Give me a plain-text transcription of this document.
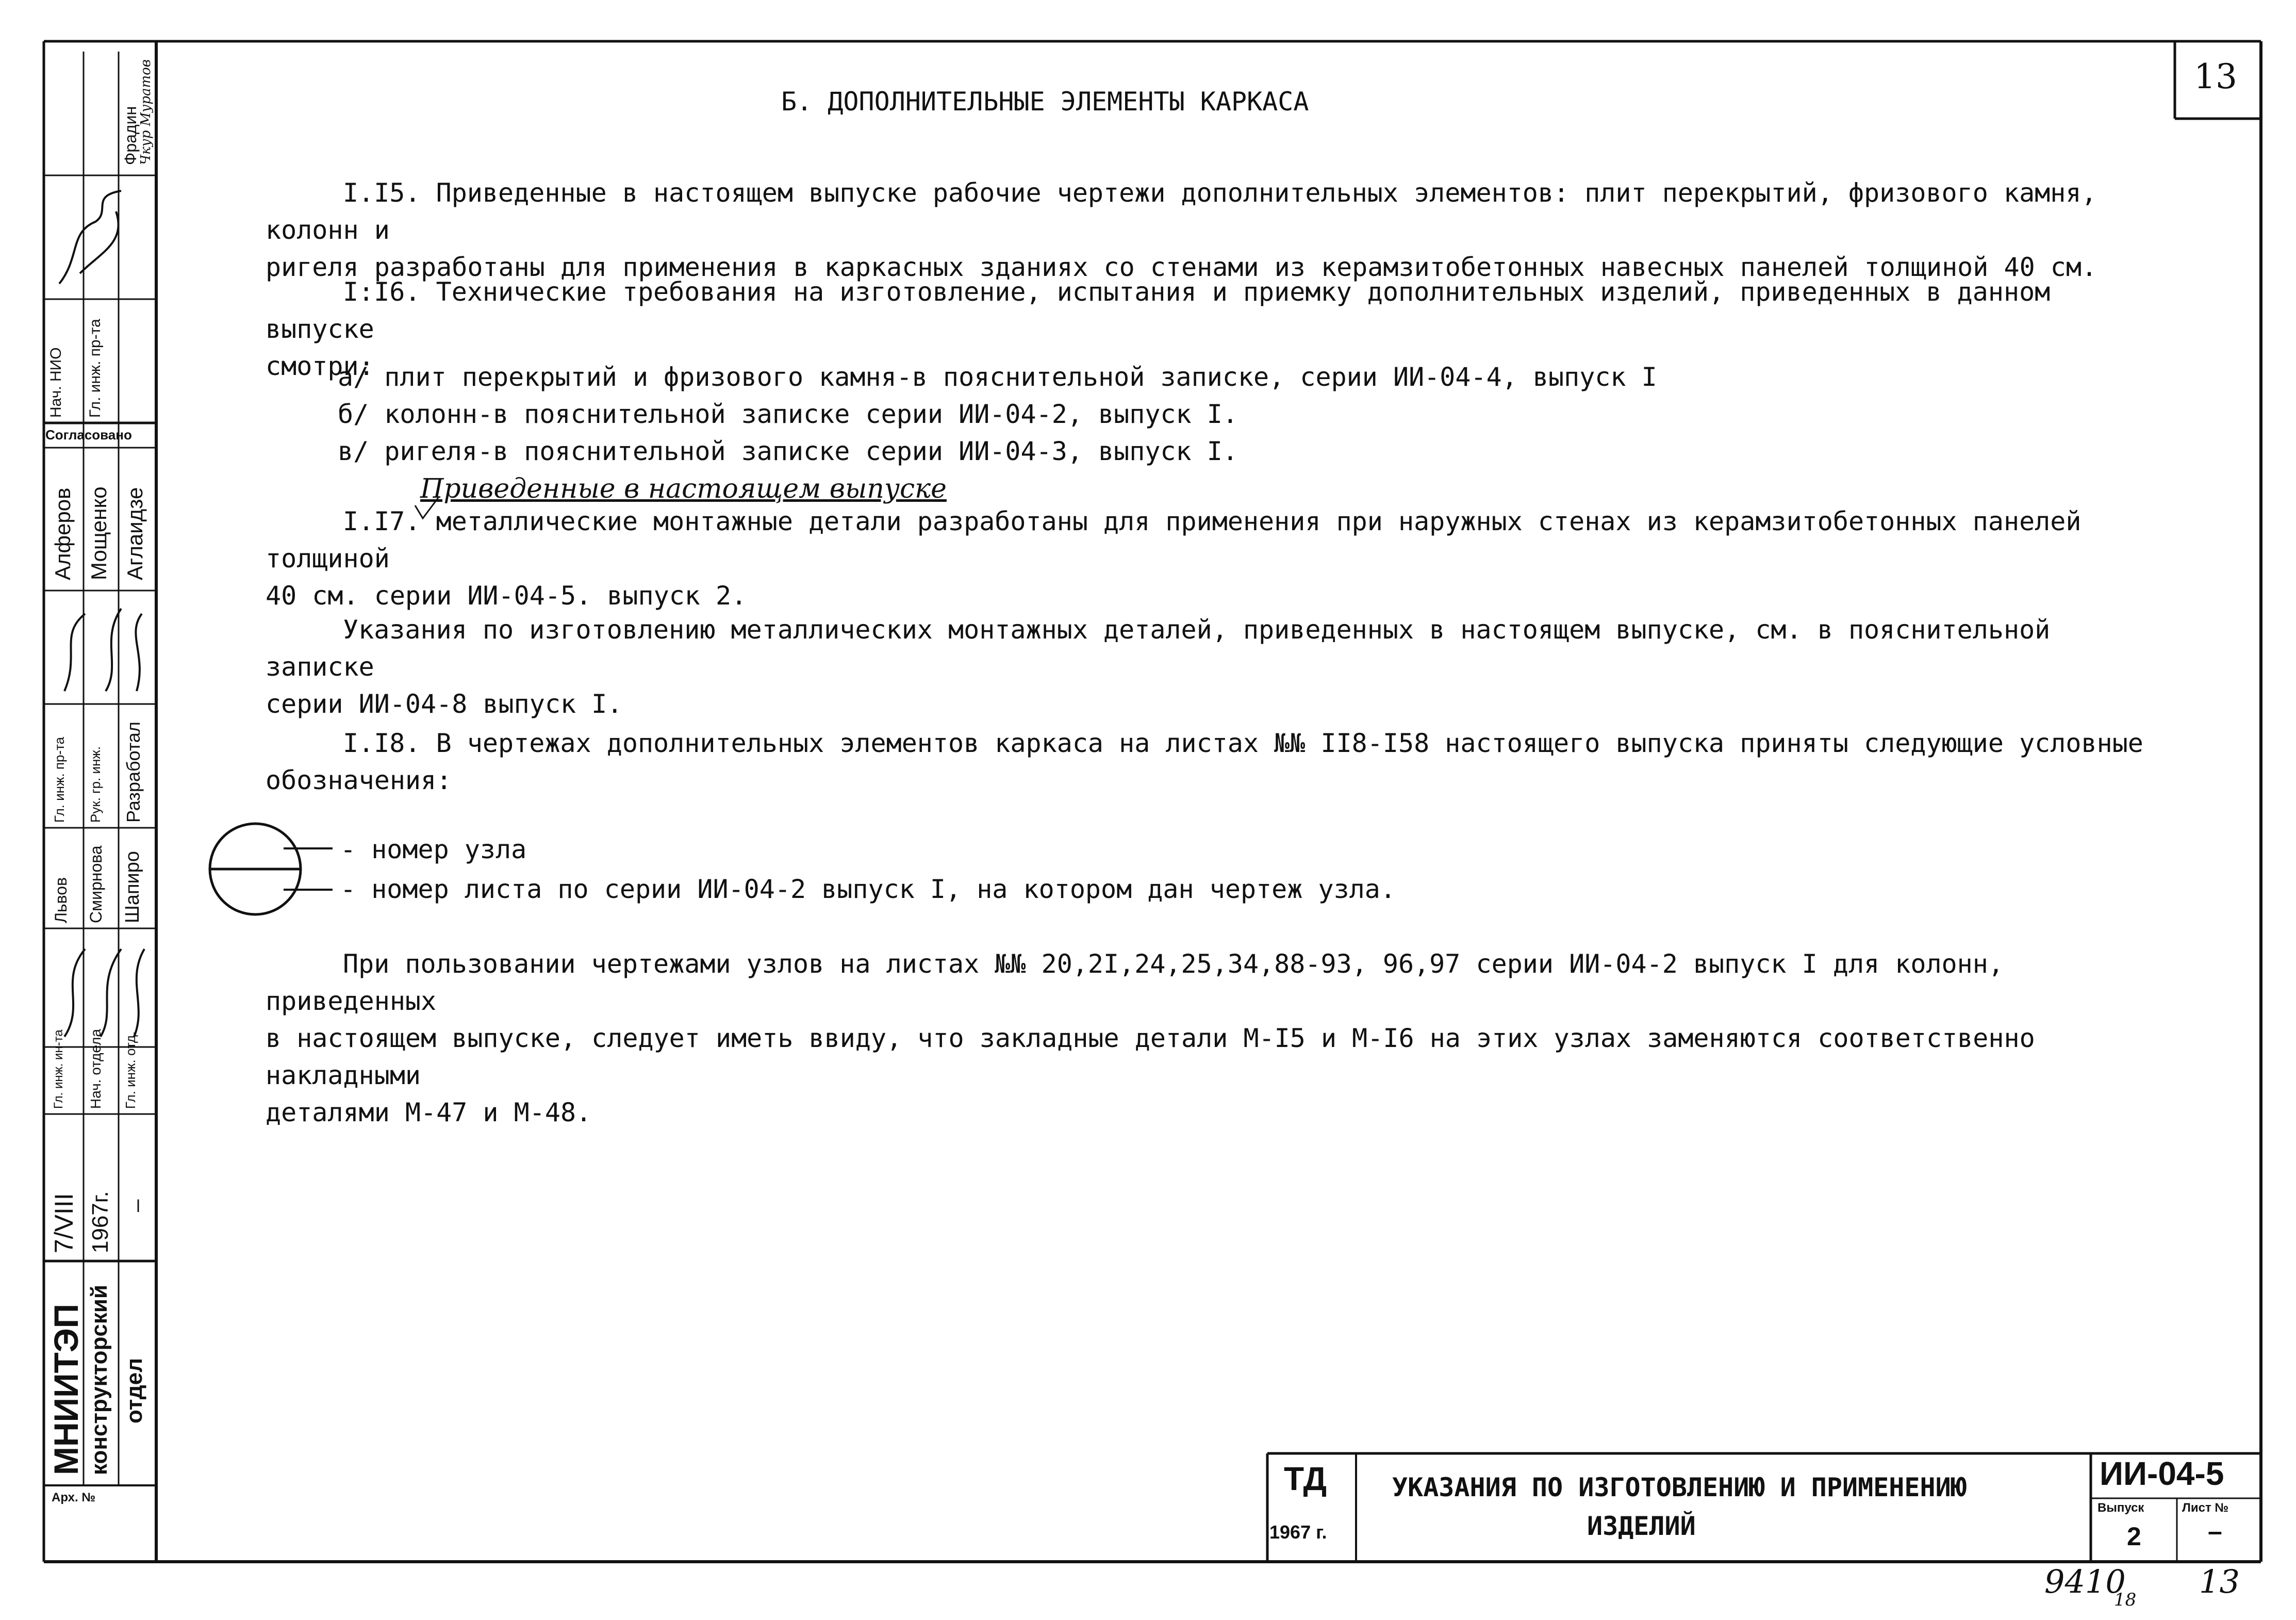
13
Б. ДОПОЛНИТЕЛЬНЫЕ ЭЛЕМЕНТЫ КАРКАСА

I.I5. Приведенные в настоящем выпуске рабочие чертежи дополнительных элементов: плит перекрытий, фризового камня, колонн и

ригеля разработаны для применения в каркасных зданиях со стенами из керамзитобетонных навесных панелей толщиной 40 см.

I:I6. Технические требования на изготовление, испытания и приемку дополнительных изделий, приведенных в данном выпуске

смотри:

а/ плит перекрытий и фризового камня-в пояснительной записке, серии ИИ-04-4, выпуск I

б/ колонн-в пояснительной записке серии ИИ-04-2, выпуск I.

в/ ригеля-в пояснительной записке серии ИИ-04-3, выпуск I.

Приведенные в настоящем выпуске

I.I7. металлические монтажные детали разработаны для применения при наружных стенах из керамзитобетонных панелей толщиной

40 см. серии ИИ-04-5. выпуск 2.

Указания по изготовлению металлических монтажных деталей, приведенных в настоящем выпуске, см. в пояснительной записке

серии ИИ-04-8 выпуск I.

I.I8. В чертежах дополнительных элементов каркаса на листах №№ II8-I58 настоящего выпуска приняты следующие условные

обозначения:

- номер узла
- номер листа по серии ИИ-04-2 выпуск I, на котором дан чертеж узла.

При пользовании чертежами узлов на листах №№ 20,2I,24,25,34,88-93, 96,97 серии ИИ-04-2 выпуск I для колонн, приведенных

в настоящем выпуске, следует иметь ввиду, что закладные детали М-I5 и М-I6 на этих узлах заменяются соответственно накладными

деталями М-47 и М-48.

МНИИТЭП конструкторский отдел
7/VIII 1967г. –
Арх. №
Согласовано
Нач. НИО Гл. инж. пр-та
Фрадин
Чкур Муратов
Алферов Мощенко Аглаидзе
Гл. инж. пр-та Рук. гр. инж. Разработал
Львов Смирнова Шапиро
Гл. инж. ин-та Нач. отдела Гл. инж. отд.
ТД
1967 г.
УКАЗАНИЯ ПО ИЗГОТОВЛЕНИЮ И ПРИМЕНЕНИЮ
ИЗДЕЛИЙ
ИИ-04-5
Выпуск	Лист №
2	–
9410
18 13
